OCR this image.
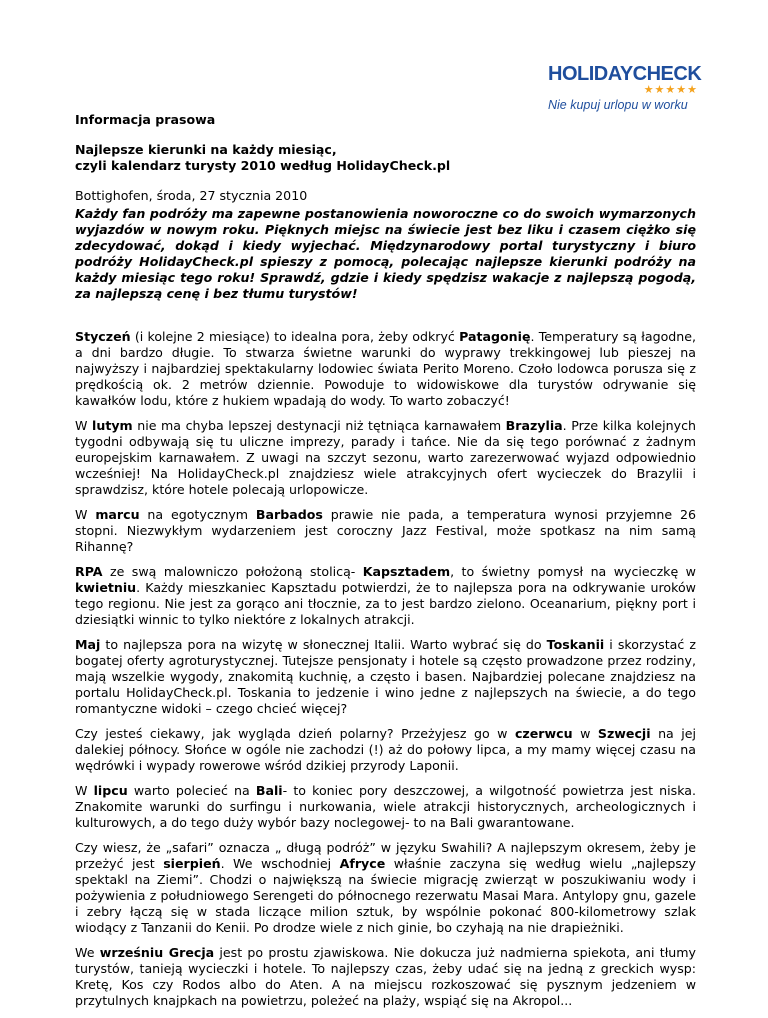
HOLIDAYCHECK
★★★★★
Nie kupuj urlopu w worku

Informacja prasowa

Najlepsze kierunki na każdy miesiąc,
czyli kalendarz turysty 2010 według HolidayCheck.pl

Bottighofen, środa, 27 stycznia 2010

Każdy fan podróży ma zapewne postanowienia noworoczne co do swoich wymarzonych wyjazdów w nowym roku. Pięknych miejsc na świecie jest bez liku i czasem ciężko się zdecydować, dokąd i kiedy wyjechać. Międzynarodowy portal turystyczny i biuro podróży HolidayCheck.pl spieszy z pomocą, polecając najlepsze kierunki podróży na każdy miesiąc tego roku! Sprawdź, gdzie i kiedy spędzisz wakacje z najlepszą pogodą, za najlepszą cenę i bez tłumu turystów!

Styczeń (i kolejne 2 miesiące) to idealna pora, żeby odkryć Patagonię. Temperatury są łagodne, a dni bardzo długie. To stwarza świetne warunki do wyprawy trekkingowej lub pieszej na najwyższy i najbardziej spektakularny lodowiec świata Perito Moreno. Czoło lodowca porusza się z prędkością ok. 2 metrów dziennie. Powoduje to widowiskowe dla turystów odrywanie się kawałków lodu, które z hukiem wpadają do wody. To warto zobaczyć!

W lutym nie ma chyba lepszej destynacji niż tętniąca karnawałem Brazylia. Prze kilka kolejnych tygodni odbywają się tu uliczne imprezy, parady i tańce. Nie da się tego porównać z żadnym europejskim karnawałem. Z uwagi na szczyt sezonu, warto zarezerwować wyjazd odpowiednio wcześniej! Na HolidayCheck.pl znajdziesz wiele atrakcyjnych ofert wycieczek do Brazylii i sprawdzisz, które hotele polecają urlopowicze.

W marcu na egotycznym Barbados prawie nie pada, a temperatura wynosi przyjemne 26 stopni. Niezwykłym wydarzeniem jest coroczny Jazz Festival, może spotkasz na nim samą Rihannę?

RPA ze swą malowniczo położoną stolicą- Kapsztadem, to świetny pomysł na wycieczkę w kwietniu. Każdy mieszkaniec Kapsztadu potwierdzi, że to najlepsza pora na odkrywanie uroków tego regionu. Nie jest za gorąco ani tłocznie, za to jest bardzo zielono. Oceanarium, piękny port i dziesiątki winnic to tylko niektóre z lokalnych atrakcji.

Maj to najlepsza pora na wizytę w słonecznej Italii. Warto wybrać się do Toskanii i skorzystać z bogatej oferty agroturystycznej. Tutejsze pensjonaty i hotele są często prowadzone przez rodziny, mają wszelkie wygody, znakomitą kuchnię, a często i basen. Najbardziej polecane znajdziesz na portalu HolidayCheck.pl. Toskania to jedzenie i wino jedne z najlepszych na świecie, a do tego romantyczne widoki – czego chcieć więcej?

Czy jesteś ciekawy, jak wygląda dzień polarny? Przeżyjesz go w czerwcu w Szwecji na jej dalekiej północy. Słońce w ogóle nie zachodzi (!) aż do połowy lipca, a my mamy więcej czasu na wędrówki i wypady rowerowe wśród dzikiej przyrody Laponii.

W lipcu warto polecieć na Bali- to koniec pory deszczowej, a wilgotność powietrza jest niska. Znakomite warunki do surfingu i nurkowania, wiele atrakcji historycznych, archeologicznych i kulturowych, a do tego duży wybór bazy noclegowej- to na Bali gwarantowane.

Czy wiesz, że „safari” oznacza „ długą podróż” w języku Swahili? A najlepszym okresem, żeby je przeżyć jest sierpień. We wschodniej Afryce właśnie zaczyna się według wielu „najlepszy spektakl na Ziemi”. Chodzi o największą na świecie migrację zwierząt w poszukiwaniu wody i pożywienia z południowego Serengeti do północnego rezerwatu Masai Mara. Antylopy gnu, gazele i zebry łączą się w stada liczące milion sztuk, by wspólnie pokonać 800-kilometrowy szlak wiodący z Tanzanii do Kenii. Po drodze wiele z nich ginie, bo czyhają na nie drapieżniki.

We wrześniu Grecja jest po prostu zjawiskowa. Nie dokucza już nadmierna spiekota, ani tłumy turystów, tanieją wycieczki i hotele. To najlepszy czas, żeby udać się na jedną z greckich wysp: Kretę, Kos czy Rodos albo do Aten. A na miejscu rozkoszować się pysznym jedzeniem w przytulnych knajpkach na powietrzu, poleżeć na plaży, wspiąć się na Akropol...
